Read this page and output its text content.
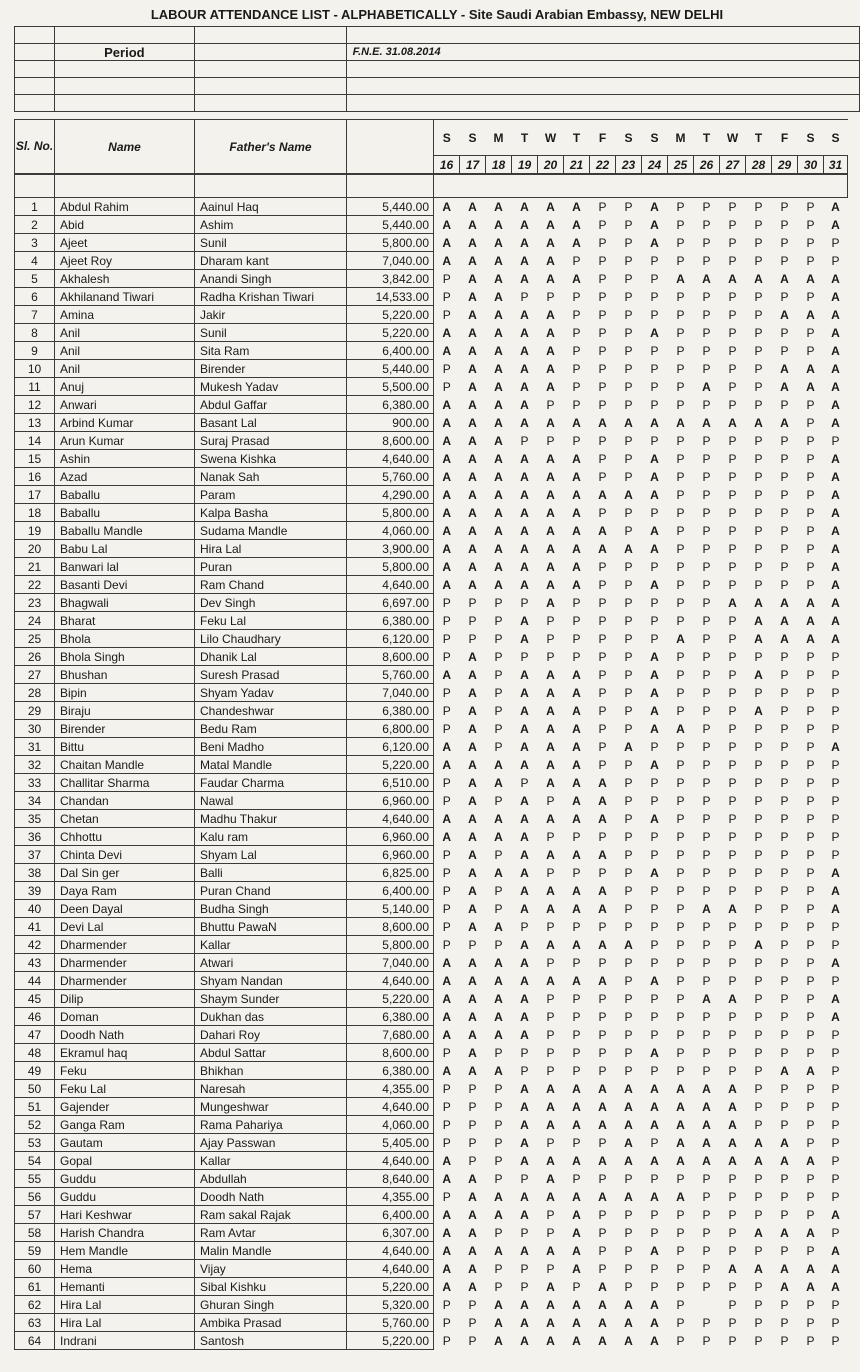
LABOUR ATTENDANCE LIST - ALPHABETICALLY - Site Saudi Arabian Embassy, NEW DELHI

	Period		F.N.E. 31.08.2014

Sl. No.	Name	Father's Name		S	S	M	T	W	T	F	S	S	M	T	W	T	F	S	S
				16	17	18	19	20	21	22	23	24	25	26	27	28	29	30	31

1	Abdul Rahim	Aainul Haq	5,440.00	A	A	A	A	A	A	P	P	A	P	P	P	P	P	P	A
2	Abid	Ashim	5,440.00	A	A	A	A	A	A	P	P	A	P	P	P	P	P	P	A
3	Ajeet	Sunil	5,800.00	A	A	A	A	A	A	P	P	A	P	P	P	P	P	P	P
4	Ajeet Roy	Dharam kant	7,040.00	A	A	A	A	A	P	P	P	P	P	P	P	P	P	P	P
5	Akhalesh	Anandi Singh	3,842.00	P	A	A	A	A	A	P	P	P	A	A	A	A	A	A	A
6	Akhilanand Tiwari	Radha Krishan Tiwari	14,533.00	P	A	A	P	P	P	P	P	P	P	P	P	P	P	P	A
7	Amina	Jakir	5,220.00	P	A	A	A	A	P	P	P	P	P	P	P	P	A	A	A
8	Anil	Sunil	5,220.00	A	A	A	A	A	P	P	P	A	P	P	P	P	P	P	A
9	Anil	Sita Ram	6,400.00	A	A	A	A	A	P	P	P	P	P	P	P	P	P	P	A
10	Anil	Birender	5,440.00	P	A	A	A	A	P	P	P	P	P	P	P	P	A	A	A
11	Anuj	Mukesh Yadav	5,500.00	P	A	A	A	A	P	P	P	P	P	A	P	P	A	A	A
12	Anwari	Abdul Gaffar	6,380.00	A	A	A	A	P	P	P	P	P	P	P	P	P	P	P	A
13	Arbind Kumar	Basant Lal	900.00	A	A	A	A	A	A	A	A	A	A	A	A	A	A	P	A
14	Arun Kumar	Suraj Prasad	8,600.00	A	A	A	P	P	P	P	P	P	P	P	P	P	P	P	P
15	Ashin	Swena Kishka	4,640.00	A	A	A	A	A	A	P	P	A	P	P	P	P	P	P	A
16	Azad	Nanak Sah	5,760.00	A	A	A	A	A	A	P	P	A	P	P	P	P	P	P	A
17	Baballu	Param	4,290.00	A	A	A	A	A	A	A	A	A	P	P	P	P	P	P	A
18	Baballu	Kalpa Basha	5,800.00	A	A	A	A	A	A	P	P	P	P	P	P	P	P	P	A
19	Baballu Mandle	Sudama Mandle	4,060.00	A	A	A	A	A	A	A	P	A	P	P	P	P	P	P	A
20	Babu Lal	Hira Lal	3,900.00	A	A	A	A	A	A	A	A	A	P	P	P	P	P	P	A
21	Banwari lal	Puran	5,800.00	A	A	A	A	A	A	P	P	P	P	P	P	P	P	P	A
22	Basanti Devi	Ram Chand	4,640.00	A	A	A	A	A	A	P	P	A	P	P	P	P	P	P	A
23	Bhagwali	Dev Singh	6,697.00	P	P	P	P	A	P	P	P	P	P	P	A	A	A	A	A
24	Bharat	Feku Lal	6,380.00	P	P	P	A	P	P	P	P	P	P	P	P	A	A	A	A
25	Bhola	Lilo Chaudhary	6,120.00	P	P	P	A	P	P	P	P	P	A	P	P	A	A	A	A
26	Bhola Singh	Dhanik Lal	8,600.00	P	A	P	P	P	P	P	P	A	P	P	P	P	P	P	P
27	Bhushan	Suresh Prasad	5,760.00	A	A	P	A	A	A	P	P	A	P	P	P	A	P	P	P
28	Bipin	Shyam Yadav	7,040.00	P	A	P	A	A	A	P	P	A	P	P	P	P	P	P	P
29	Biraju	Chandeshwar	6,380.00	P	A	P	A	A	A	P	P	A	P	P	P	A	P	P	P
30	Birender	Bedu Ram	6,800.00	P	A	P	A	A	A	P	P	A	A	P	P	P	P	P	P
31	Bittu	Beni Madho	6,120.00	A	A	P	A	A	A	P	A	P	P	P	P	P	P	P	A
32	Chaitan Mandle	Matal Mandle	5,220.00	A	A	A	A	A	A	P	P	A	P	P	P	P	P	P	P
33	Challitar Sharma	Faudar Charma	6,510.00	P	A	A	P	A	A	A	P	P	P	P	P	P	P	P	P
34	Chandan	Nawal	6,960.00	P	A	P	A	P	A	A	P	P	P	P	P	P	P	P	P
35	Chetan	Madhu Thakur	4,640.00	A	A	A	A	A	A	A	P	A	P	P	P	P	P	P	P
36	Chhottu	Kalu ram	6,960.00	A	A	A	A	P	P	P	P	P	P	P	P	P	P	P	P
37	Chinta Devi	Shyam Lal	6,960.00	P	A	P	A	A	A	A	P	P	P	P	P	P	P	P	P
38	Dal Sin ger	Balli	6,825.00	P	A	A	A	P	P	P	P	A	P	P	P	P	P	P	A
39	Daya Ram	Puran Chand	6,400.00	P	A	P	A	A	A	A	P	P	P	P	P	P	P	P	A
40	Deen Dayal	Budha Singh	5,140.00	P	A	P	A	A	A	A	P	P	P	A	A	P	P	P	A
41	Devi Lal	Bhuttu PawaN	8,600.00	P	A	A	P	P	P	P	P	P	P	P	P	P	P	P	P
42	Dharmender	Kallar	5,800.00	P	P	P	A	A	A	A	A	P	P	P	P	A	P	P	P
43	Dharmender	Atwari	7,040.00	A	A	A	A	P	P	P	P	P	P	P	P	P	P	P	A
44	Dharmender	Shyam Nandan	4,640.00	A	A	A	A	A	A	A	P	A	P	P	P	P	P	P	P
45	Dilip	Shaym Sunder	5,220.00	A	A	A	A	P	P	P	P	P	P	A	A	P	P	P	A
46	Doman	Dukhan das	6,380.00	A	A	A	A	P	P	P	P	P	P	P	P	P	P	P	A
47	Doodh Nath	Dahari Roy	7,680.00	A	A	A	A	P	P	P	P	P	P	P	P	P	P	P	P
48	Ekramul haq	Abdul Sattar	8,600.00	P	A	P	P	P	P	P	P	A	P	P	P	P	P	P	P
49	Feku	Bhikhan	6,380.00	A	A	A	P	P	P	P	P	P	P	P	P	P	A	A	P
50	Feku Lal	Naresah	4,355.00	P	P	P	A	A	A	A	A	A	A	A	A	P	P	P	P
51	Gajender	Mungeshwar	4,640.00	P	P	P	A	A	A	A	A	A	A	A	A	P	P	P	P
52	Ganga Ram	Rama Pahariya	4,060.00	P	P	P	A	A	A	A	A	A	A	A	A	P	P	P	P
53	Gautam	Ajay Passwan	5,405.00	P	P	P	A	P	P	P	A	P	A	A	A	A	A	P	P
54	Gopal	Kallar	4,640.00	A	P	P	A	A	A	A	A	A	A	A	A	A	A	A	P
55	Guddu	Abdullah	8,640.00	A	A	P	P	A	P	P	P	P	P	P	P	P	P	P	P
56	Guddu	Doodh Nath	4,355.00	P	A	A	A	A	A	A	A	A	A	P	P	P	P	P	P
57	Hari Keshwar	Ram sakal Rajak	6,400.00	A	A	A	A	P	A	P	P	P	P	P	P	P	P	P	A
58	Harish Chandra	Ram Avtar	6,307.00	A	A	P	P	P	A	P	P	P	P	P	P	A	A	A	P
59	Hem Mandle	Malin Mandle	4,640.00	A	A	A	A	A	A	P	P	A	P	P	P	P	P	P	A
60	Hema	Vijay	4,640.00	A	A	P	P	P	A	P	P	P	P	P	A	A	A	A	A
61	Hemanti	Sibal Kishku	5,220.00	A	A	P	P	A	P	A	P	P	P	P	P	P	A	A	A
62	Hira Lal	Ghuran Singh	5,320.00	P	P	A	A	A	A	A	A	A	P		P	P	P	P	P
63	Hira Lal	Ambika Prasad	5,760.00	P	P	A	A	A	A	A	A	A	P	P	P	P	P	P	P
64	Indrani	Santosh	5,220.00	P	P	A	A	A	A	A	A	A	P	P	P	P	P	P	P
